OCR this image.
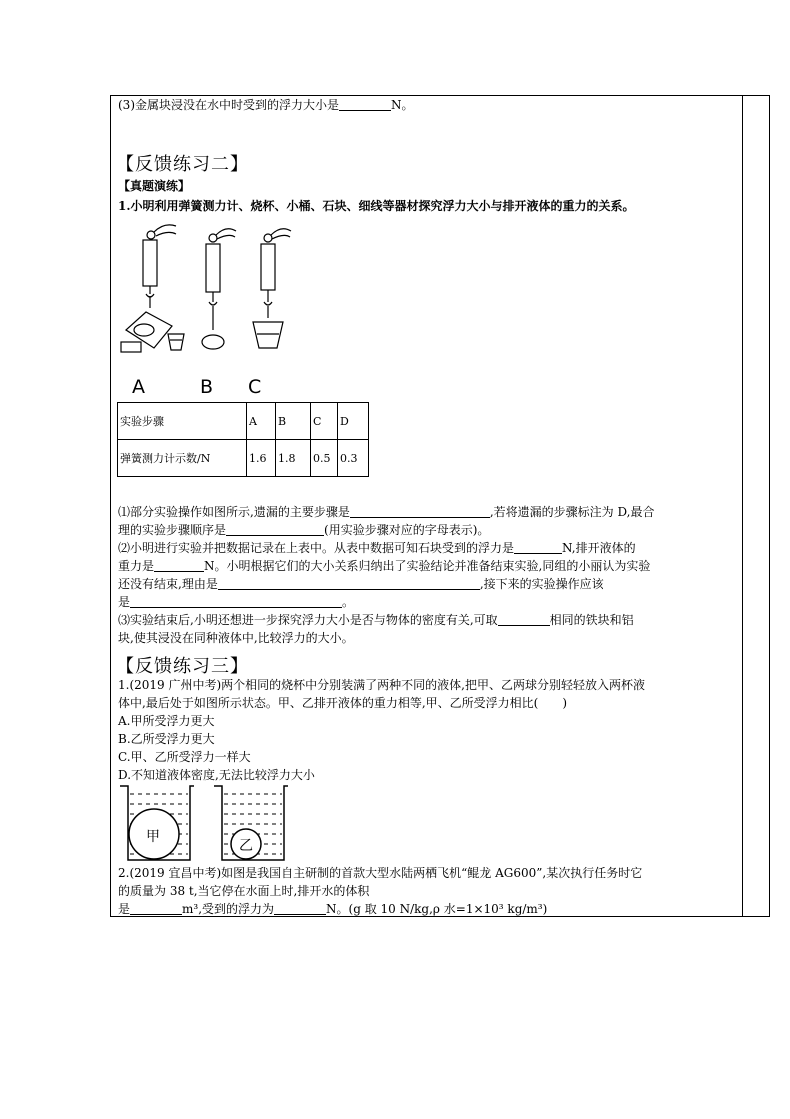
(3)金属块浸没在水中时受到的浮力大小是	N。
【反馈练习二】
【真题演练】
1.小明利用弹簧测力计、烧杯、小桶、石块、细线等器材探究浮力大小与排开液体的重力的关系。
A	B C
实验步骤	A	B	C	D
弹簧测力计示数/N	1.6	1.8	0.5	0.3
⑴部分实验操作如图所示,遗漏的主要步骤是	,若将遗漏的步骤标注为 D,最合
理的实验步骤顺序是	(用实验步骤对应的字母表示)。
⑵小明进行实验并把数据记录在上表中。从表中数据可知石块受到的浮力是	N,排开液体的
重力是	N。小明根据它们的大小关系归纳出了实验结论并准备结束实验,同组的小丽认为实验
还没有结束,理由是	,接下来的实验操作应该
是	。
⑶实验结束后,小明还想进一步探究浮力大小是否与物体的密度有关,可取	相同的铁块和铝
块,使其浸没在同种液体中,比较浮力的大小。
【反馈练习三】
1.(2019 广州中考)两个相同的烧杯中分别装满了两种不同的液体,把甲、乙两球分别轻轻放入两杯液
体中,最后处于如图所示状态。甲、乙排开液体的重力相等,甲、乙所受浮力相比(　　)
A.甲所受浮力更大
B.乙所受浮力更大
C.甲、乙所受浮力一样大
D.不知道液体密度,无法比较浮力大小
甲
乙
2.(2019 宜昌中考)如图是我国自主研制的首款大型水陆两栖飞机“鲲龙 AG600”,某次执行任务时它
的质量为 38 t,当它停在水面上时,排开水的体积
是	m³,受到的浮力为	N。(g 取 10 N/kg,ρ 水=1×10³ kg/m³)
